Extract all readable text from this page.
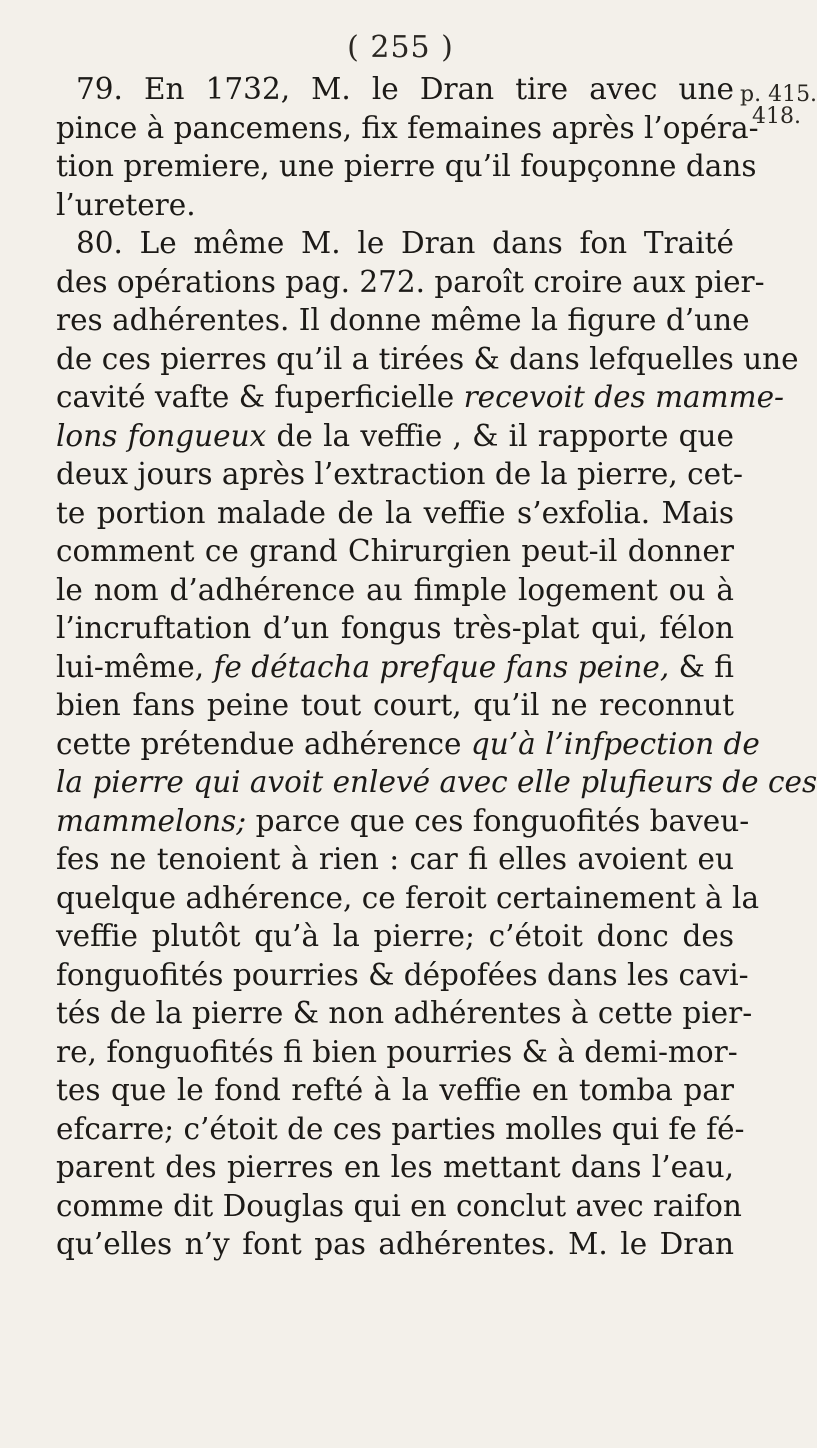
( 255 )
p. 415.
418.
79. En 1732, M. le Dran tire avec une
pince à pancemens, fix femaines après l’opéra-
tion premiere, une pierre qu’il foupçonne dans
l’uretere.
80. Le même M. le Dran dans fon Traité
des opérations pag. 272. paroît croire aux pier-
res adhérentes. Il donne même la figure d’une
de ces pierres qu’il a tirées & dans lefquelles une
cavité vafte & fuperficielle recevoit des mamme-
lons fongueux de la veffie , & il rapporte que
deux jours après l’extraction de la pierre, cet-
te portion malade de la veffie s’exfolia. Mais
comment ce grand Chirurgien peut-il donner
le nom d’adhérence au fimple logement ou à
l’incruftation d’un fongus très-plat qui, félon
lui-même, fe détacha prefque fans peine, & fi
bien fans peine tout court, qu’il ne reconnut
cette prétendue adhérence qu’à l’infpection de
la pierre qui avoit enlevé avec elle plufieurs de ces
mammelons; parce que ces fonguofités baveu-
fes ne tenoient à rien : car fi elles avoient eu
quelque adhérence, ce feroit certainement à la
veffie plutôt qu’à la pierre; c’étoit donc des
fonguofités pourries & dépofées dans les cavi-
tés de la pierre & non adhérentes à cette pier-
re, fonguofités fi bien pourries & à demi-mor-
tes que le fond refté à la veffie en tomba par
efcarre; c’étoit de ces parties molles qui fe fé-
parent des pierres en les mettant dans l’eau,
comme dit Douglas qui en conclut avec raifon
qu’elles n’y font pas adhérentes. M. le Dran
